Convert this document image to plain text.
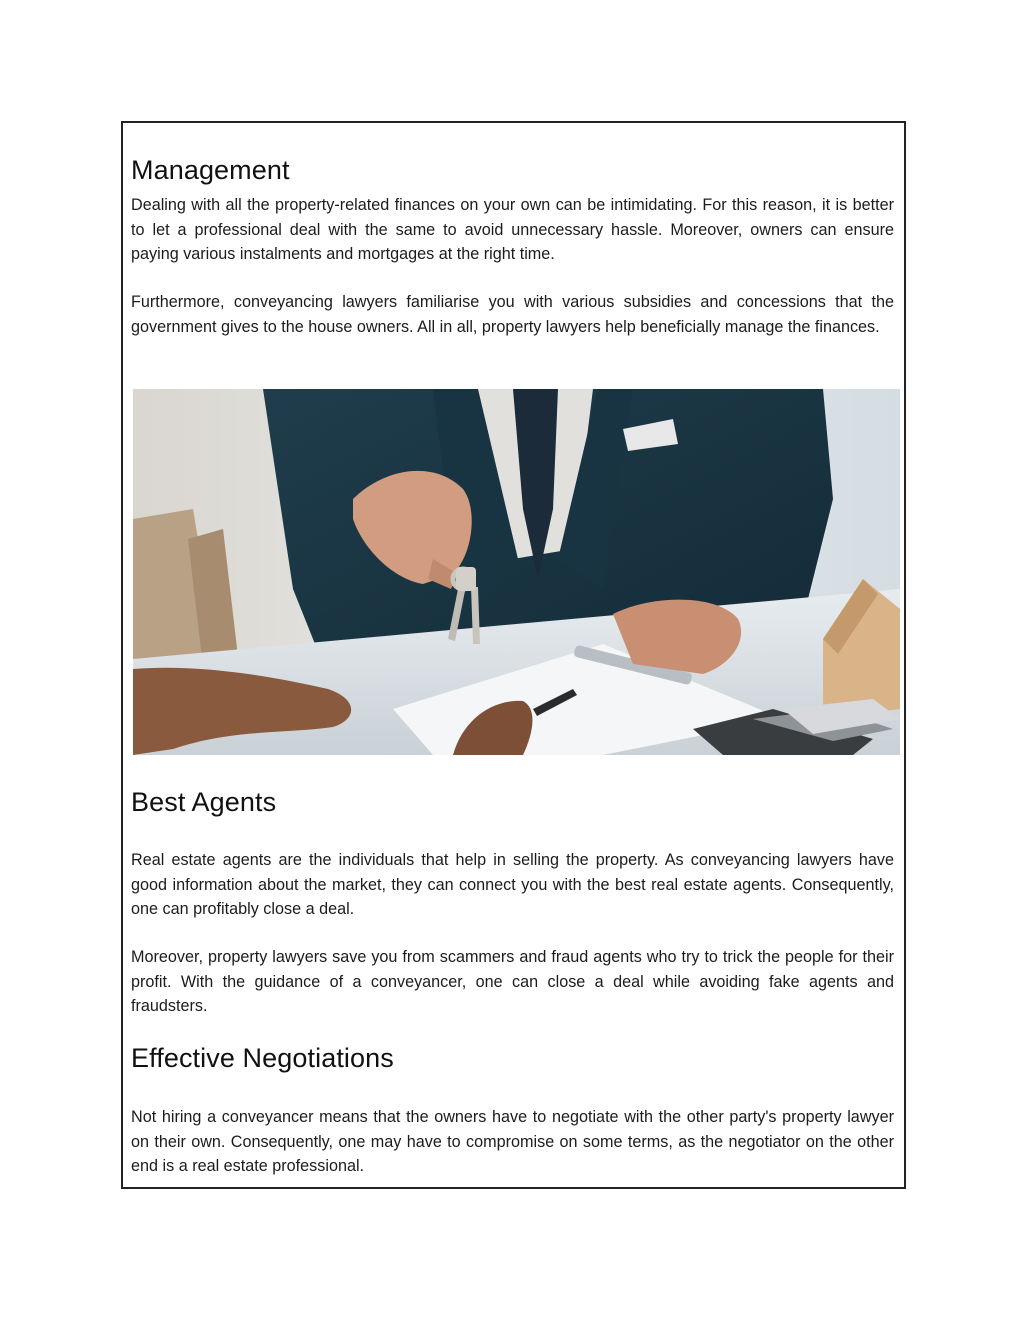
Management

Dealing with all the property-related finances on your own can be intimidating. For this reason, it is better to let a professional deal with the same to avoid unnecessary hassle. Moreover, owners can ensure paying various instalments and mortgages at the right time.

Furthermore, conveyancing lawyers familiarise you with various subsidies and concessions that the government gives to the house owners. All in all, property lawyers help beneficially manage the finances.

Best Agents

Real estate agents are the individuals that help in selling the property. As conveyancing lawyers have good information about the market, they can connect you with the best real estate agents. Consequently, one can profitably close a deal.

Moreover, property lawyers save you from scammers and fraud agents who try to trick the people for their profit. With the guidance of a conveyancer, one can close a deal while avoiding fake agents and fraudsters.

Effective Negotiations

Not hiring a conveyancer means that the owners have to negotiate with the other party's property lawyer on their own. Consequently, one may have to compromise on some terms, as the negotiator on the other end is a real estate professional.
